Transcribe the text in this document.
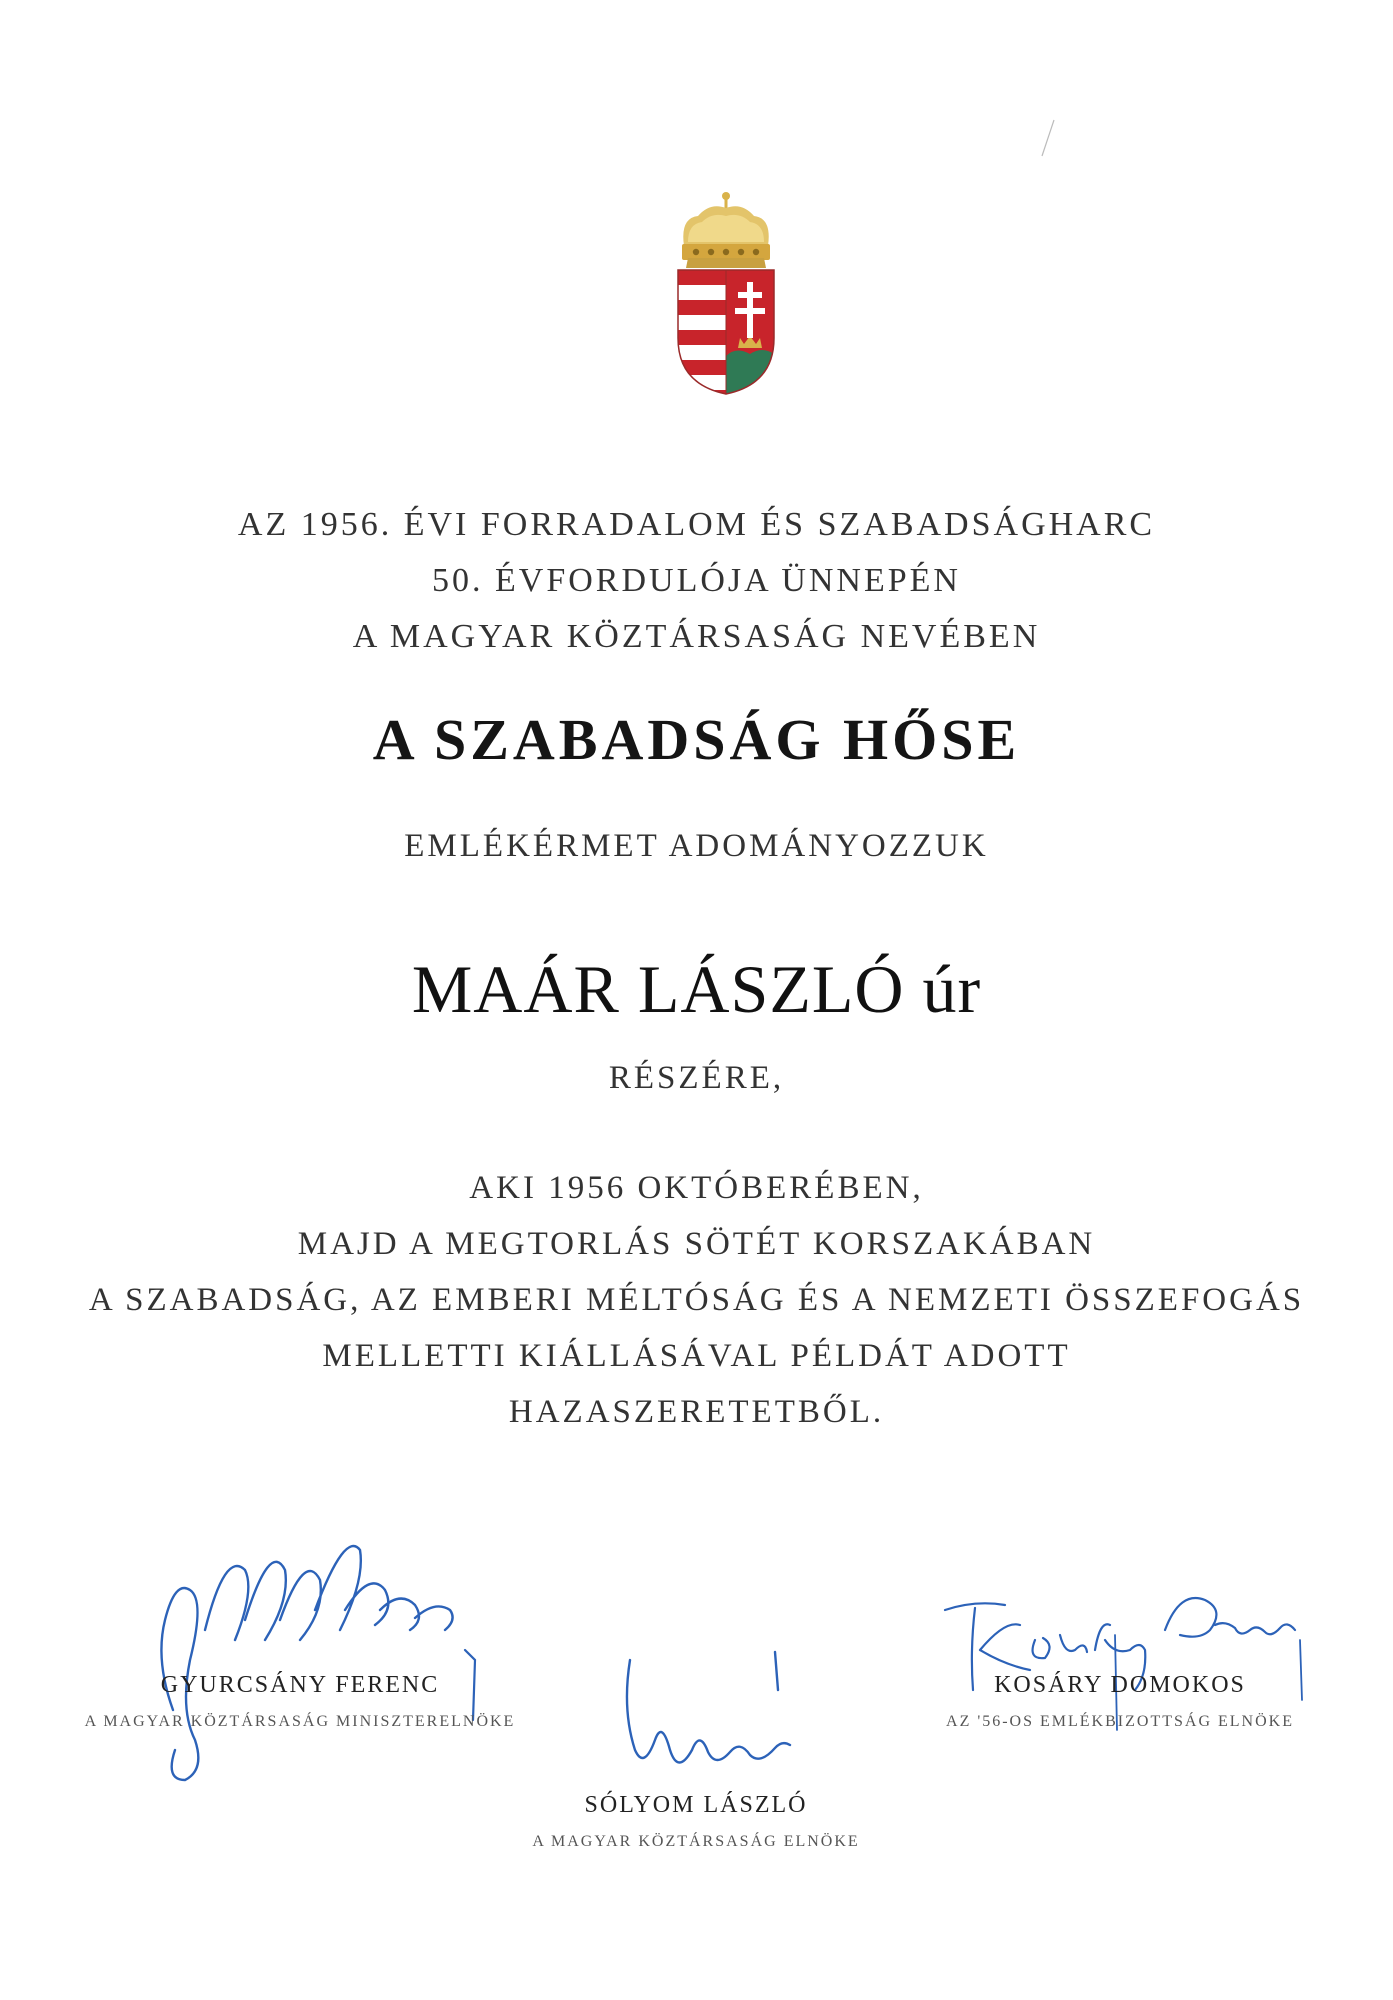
AZ 1956. ÉVI FORRADALOM ÉS SZABADSÁGHARC
50. ÉVFORDULÓJA ÜNNEPÉN
A MAGYAR KÖZTÁRSASÁG NEVÉBEN
A SZABADSÁG HŐSE
EMLÉKÉRMET ADOMÁNYOZZUK
MAÁR LÁSZLÓ úr
RÉSZÉRE,
AKI 1956 OKTÓBERÉBEN,
MAJD A MEGTORLÁS SÖTÉT KORSZAKÁBAN
A SZABADSÁG, AZ EMBERI MÉLTÓSÁG ÉS A NEMZETI ÖSSZEFOGÁS
MELLETTI KIÁLLÁSÁVAL PÉLDÁT ADOTT
HAZASZERETETBŐL.
GYURCSÁNY FERENC
A MAGYAR KÖZTÁRSASÁG MINISZTERELNÖKE
SÓLYOM LÁSZLÓ
A MAGYAR KÖZTÁRSASÁG ELNÖKE
KOSÁRY DOMOKOS
AZ '56-OS EMLÉKBIZOTTSÁG ELNÖKE
